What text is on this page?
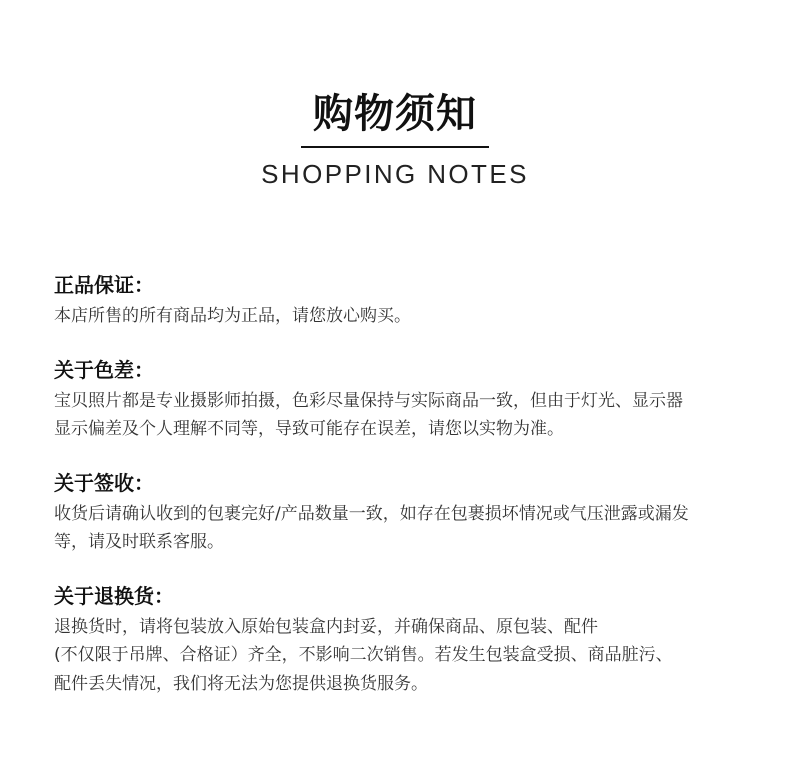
购物须知
SHOPPING NOTES
正品保证：

本店所售的所有商品均为正品，请您放心购买。

关于色差：

宝贝照片都是专业摄影师拍摄，色彩尽量保持与实际商品一致，但由于灯光、显示器

显示偏差及个人理解不同等，导致可能存在误差，请您以实物为准。

关于签收：

收货后请确认收到的包裹完好/产品数量一致，如存在包裹损坏情况或气压泄露或漏发

等，请及时联系客服。

关于退换货：

退换货时，请将包装放入原始包装盒内封妥，并确保商品、原包装、配件

(不仅限于吊牌、合格证）齐全，不影响二次销售。若发生包装盒受损、商品脏污、

配件丢失情况，我们将无法为您提供退换货服务。
